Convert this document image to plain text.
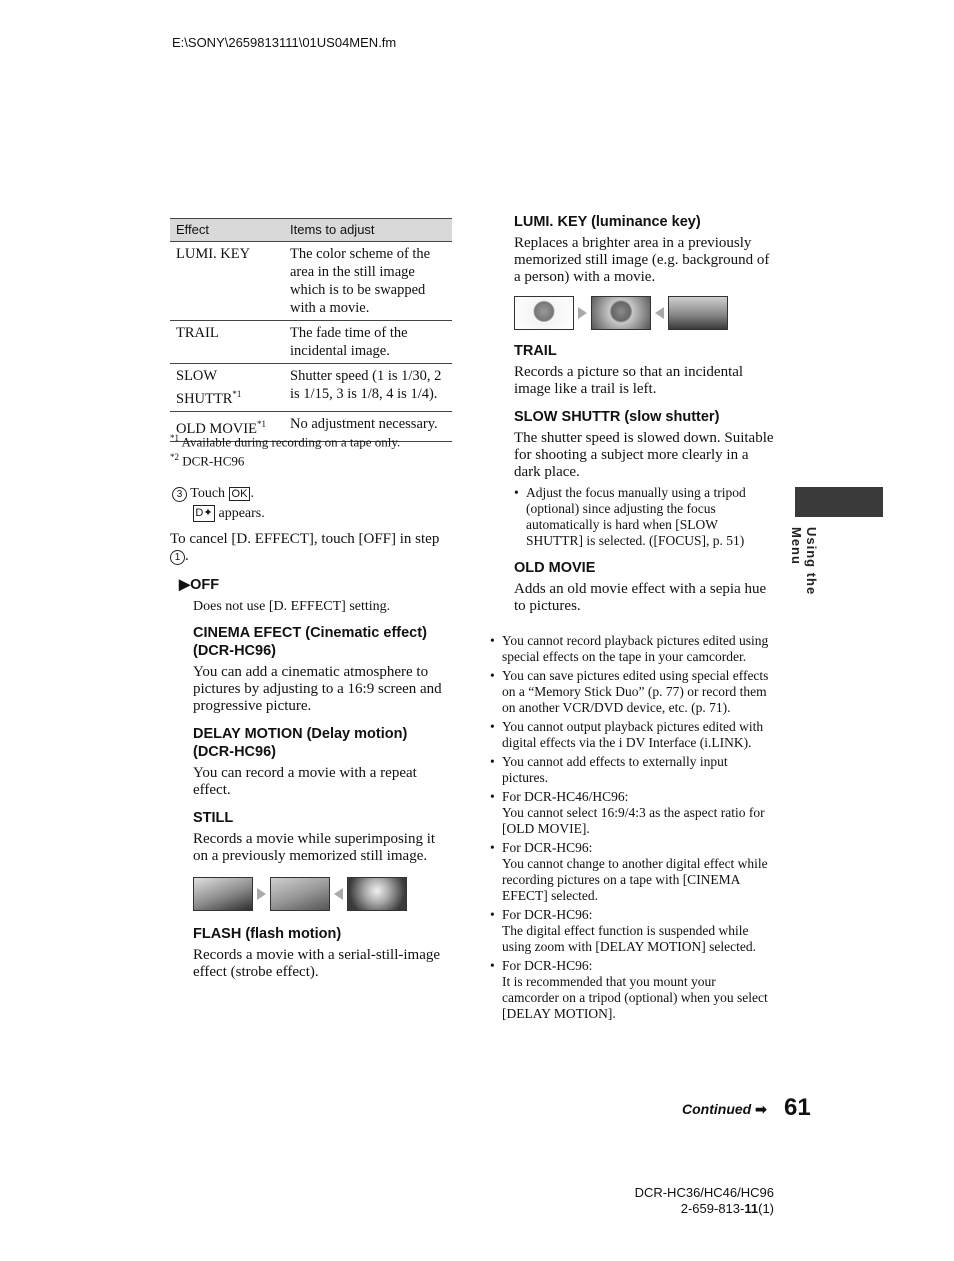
E:\SONY\2659813111\01US04MEN.fm
Effect	Items to adjust
LUMI. KEY	The color scheme of the area in the still image which is to be swapped with a movie.
TRAIL	The fade time of the incidental image.
SLOW SHUTTR$^{*1}$	Shutter speed (1 is 1/30, 2 is 1/15, 3 is 1/8, 4 is 1/4).
OLD MOVIE$^{*1}$	No adjustment necessary.
$^{*1}$ Available during recording on a tape only.
$^{*2}$ DCR-HC96
3 Touch OK .
D✦ appears.
To cancel [D. EFFECT], touch [OFF] in step 1 .
▶OFF
Does not use [D. EFFECT] setting.
CINEMA EFECT (Cinematic effect) (DCR-HC96)
You can add a cinematic atmosphere to pictures by adjusting to a 16:9 screen and progressive picture.
DELAY MOTION (Delay motion) (DCR-HC96)
You can record a movie with a repeat effect.
STILL
Records a movie while superimposing it on a previously memorized still image.
FLASH (flash motion)
Records a movie with a serial-still-image effect (strobe effect).
LUMI. KEY (luminance key)
Replaces a brighter area in a previously memorized still image (e.g. background of a person) with a movie.
TRAIL
Records a picture so that an incidental image like a trail is left.
SLOW SHUTTR (slow shutter)
The shutter speed is slowed down. Suitable for shooting a subject more clearly in a dark place.
• Adjust the focus manually using a tripod (optional) since adjusting the focus automatically is hard when [SLOW SHUTTR] is selected. ([FOCUS], p. 51)
OLD MOVIE
Adds an old movie effect with a sepia hue to pictures.
• You cannot record playback pictures edited using special effects on the tape in your camcorder.
• You can save pictures edited using special effects on a “Memory Stick Duo” (p. 77) or record them on another VCR/DVD device, etc. (p. 71).
• You cannot output playback pictures edited with digital effects via the i DV Interface (i.LINK).
• You cannot add effects to externally input pictures.
• For DCR-HC46/HC96:
You cannot select 16:9/4:3 as the aspect ratio for [OLD MOVIE].
• For DCR-HC96:
You cannot change to another digital effect while recording pictures on a tape with [CINEMA EFECT] selected.
• For DCR-HC96:
The digital effect function is suspended while using zoom with [DELAY MOTION] selected.
• For DCR-HC96:
It is recommended that you mount your camcorder on a tripod (optional) when you select [DELAY MOTION].
Using the Menu
Continued ➡ 61
DCR-HC36/HC46/HC96
2-659-813-11(1)
